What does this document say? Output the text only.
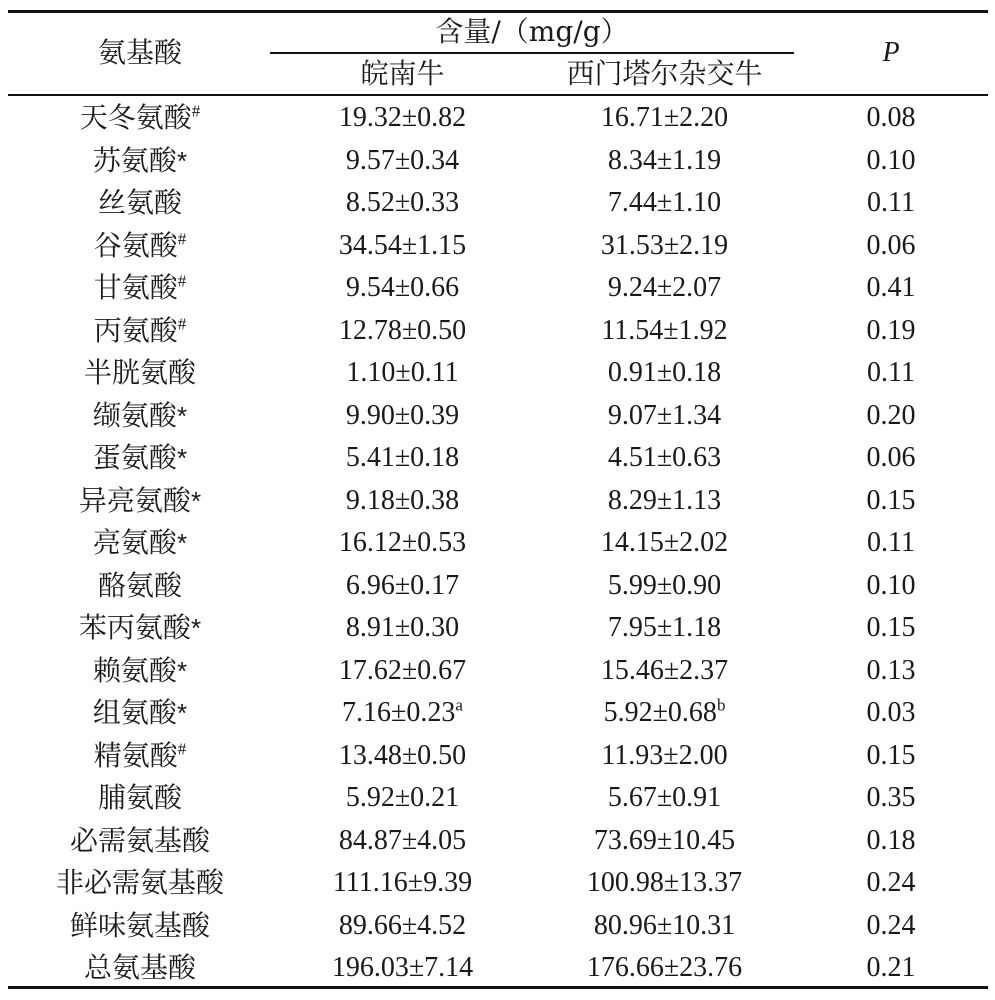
氨基酸
含量/（mg/g）
皖南牛	西门塔尔杂交牛
P
天冬氨酸#	19.32±0.82	16.71±2.20	0.08
苏氨酸*	9.57±0.34	8.34±1.19	0.10
丝氨酸	8.52±0.33	7.44±1.10	0.11
谷氨酸#	34.54±1.15	31.53±2.19	0.06
甘氨酸#	9.54±0.66	9.24±2.07	0.41
丙氨酸#	12.78±0.50	11.54±1.92	0.19
半胱氨酸	1.10±0.11	0.91±0.18	0.11
缬氨酸*	9.90±0.39	9.07±1.34	0.20
蛋氨酸*	5.41±0.18	4.51±0.63	0.06
异亮氨酸*	9.18±0.38	8.29±1.13	0.15
亮氨酸*	16.12±0.53	14.15±2.02	0.11
酪氨酸	6.96±0.17	5.99±0.90	0.10
苯丙氨酸*	8.91±0.30	7.95±1.18	0.15
赖氨酸*	17.62±0.67	15.46±2.37	0.13
组氨酸*	7.16±0.23$^a$	5.92±0.68$^b$	0.03
精氨酸#	13.48±0.50	11.93±2.00	0.15
脯氨酸	5.92±0.21	5.67±0.91	0.35
必需氨基酸	84.87±4.05	73.69±10.45	0.18
非必需氨基酸	111.16±9.39	100.98±13.37	0.24
鲜味氨基酸	89.66±4.52	80.96±10.31	0.24
总氨基酸	196.03±7.14	176.66±23.76	0.21
